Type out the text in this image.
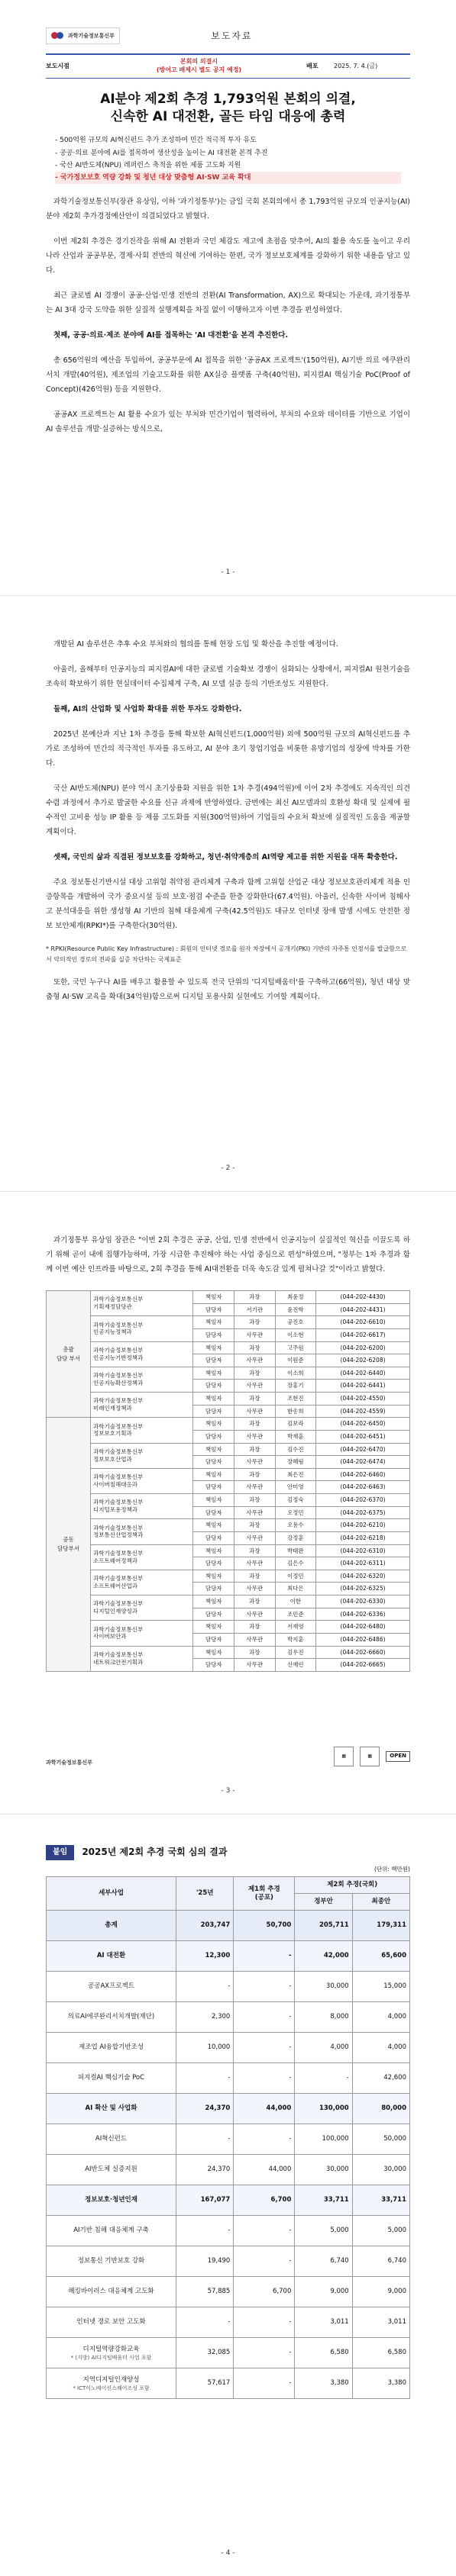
과학기술정보통신부	보도자료
보도시점
본회의 의결시
(방어고 배제시 별도 공지 예정)
배포	2025. 7. 4.(금)
AI분야 제2회 추경 1,793억원 본회의 의결,
신속한 AI 대전환, 골든 타임 대응에 총력
- 500억원 규모의 AI혁신펀드 추가 조성하여 민간 적극적 투자 유도
- 공공·의료 분야에 AI를 접목하여 생산성을 높이는 AI 대전환 본격 추진
- 국산 AI반도체(NPU) 레퍼런스 축적을 위한 제품 고도화 지원
- 국가정보보호 역량 강화 및 청년 대상 맞춤형 AI·SW 교육 확대

과학기술정보통신부(장관 유상임, 이하 '과기정통부')는 금일 국회 본회의에서 총 1,793억원 규모의 인공지능(AI) 분야 제2회 추가경정예산안이 의결되었다고 밝혔다.

이번 제2회 추경은 경기진작을 위해 AI 전환과 국민 체감도 제고에 초점을 맞추어, AI의 활용 속도를 높이고 우리나라 산업과 공공부문, 경제·사회 전반의 혁신에 기여하는 한편, 국가 정보보호체계를 강화하기 위한 내용을 담고 있다.

최근 글로벌 AI 경쟁이 공공·산업·민생 전반의 전환(AI Transformation, AX)으로 확대되는 가운데, 과기정통부는 AI 3대 강국 도약을 위한 실질적 실행계획을 차질 없이 이행하고자 이번 추경을 편성하였다.

첫째, 공공·의료·제조 분야에 AI를 접목하는 'AI 대전환'을 본격 추진한다.

총 656억원의 예산을 투입하여, 공공부문에 AI 접목을 위한 '공공AX 프로젝트'(150억원), AI기반 의료 에쿠완리서치 개발(40억원), 제조업의 기술고도화를 위한 AX실증 플랫폼 구축(40억원), 피지컬AI 핵심기술 PoC(Proof of Concept)(426억원) 등을 지원한다.

공공AX 프로젝트는 AI 활용 수요가 있는 부처와 민간기업이 협력하여, 부처의 수요와 데이터를 기반으로 기업이 AI 솔루션을 개발·실증하는 방식으로,

- 1 -

개발된 AI 솔루션은 추후 수요 부처와의 협의를 통해 현장 도입 및 확산을 추진할 예정이다.

아울러, 올해부터 인공지능의 피지컬AI에 대한 글로벌 기술확보 경쟁이 심화되는 상황에서, 피지컬AI 원천기술을 조속히 확보하기 위한 현실데이터 수집체계 구축, AI 모델 실증 등의 기반조성도 지원한다.

둘째, AI의 산업화 및 사업화 확대를 위한 투자도 강화한다.

2025년 본예산과 지난 1차 추경을 통해 확보한 AI혁신펀드(1,000억원) 외에 500억원 규모의 AI혁신펀드를 추가로 조성하여 민간의 적극적인 투자를 유도하고, AI 분야 초기 창업기업을 비롯한 유망기업의 성장에 박차를 가한다.

국산 AI반도체(NPU) 분야 역시 초기상용화 지원을 위한 1차 추경(494억원)에 이어 2차 추경에도 지속적인 의견수렴 과정에서 추가로 발굴한 수요를 신규 과제에 반영하였다. 금번에는 최신 AI모델과의 호환성 확대 및 실제에 필수적인 고비용 성능 IP 활용 등 제품 고도화를 지원(300억원)하여 기업들의 수요처 확보에 실질적인 도움을 제공할 계획이다.

셋째, 국민의 삶과 직결된 정보보호를 강화하고, 청년·취약계층의 AI역량 제고를 위한 지원을 대폭 확충한다.

주요 정보통신기반시설 대상 고위험 취약점 관리체계 구축과 함께 고위험 산업군 대상 정보보호관리체계 적용 인증항목을 개발하여 국가 중요시설 등의 보호·점검 수준을 한층 강화한다(67.4억원). 아울러, 신속한 사이버 침해사고 분석대응을 위한 생성형 AI 기반의 침해 대응체계 구축(42.5억원)도 대규모 인터넷 장애 발생 시에도 안전한 정보 보안체계(RPKI*)를 구축한다(30억원).

* RPKI(Resource Public Key Infrastructure) : 회원의 인터넷 경로를 원자 차장에서 공개키(PKI) 기반의 자주통 인정서를 발급함으로서 악의적인 경로의 전파를 실증 차단하는 국제표준

또한, 국민 누구나 AI를 배우고 활용할 수 있도록 전국 단위의 '디지털배움터'를 구축하고(66억원), 청년 대상 맞춤형 AI·SW 교육을 확대(34억원)함으로써 디지털 포용사회 실현에도 기여할 계획이다.

- 2 -

과기정통부 유상임 장관은 "이번 2회 추경은 공공, 산업, 민생 전반에서 인공지능이 실질적인 혁신을 이끌도록 하기 위해 곧이 내에 집행가능하며, 가장 시급한 추진해야 하는 사업 중심으로 편성"하였으며, "정부는 1차 추경과 함께 이번 예산 인프라를 바탕으로, 2회 추경을 통해 AI대전환을 더욱 속도감 있게 펼쳐나갈 것"이라고 밝혔다.

총괄
담당 부서	과학기술정보통신부
기획재정담당관	책임자	과장	최윤정	(044-202-4430)
		담당자	서기관	윤진학	(044-202-4431)
	과학기술정보통신부
인공지능정책과	책임자	과장	공진호	(044-202-6610)
		담당자	사무관	이소현	(044-202-6617)
	과학기술정보통신부
인공지능기반정책과	책임자	과장	고주원	(044-202-6200)
		담당자	사무관	이원준	(044-202-6208)
	과학기술정보통신부
인공지능확산정책과	책임자	과장	이소희	(044-202-6440)
		담당자	사무관	장홍기	(044-202-6441)
	과학기술정보통신부
미래인재정책과	책임자	과장	조현진	(044-202-4550)
		담당자	사무관	한송희	(044-202-4559)
공동
담당부서	과학기술정보통신부
정보보호기획과	책임자	과장	김보라	(044-202-6450)
		담당자	사무관	박재훈	(044-202-6451)
	과학기술정보통신부
정보보호산업과	책임자	과장	김수진	(044-202-6470)
		담당자	사무관	장혜림	(044-202-6474)
	과학기술정보통신부
사이버침해대응과	책임자	과장	최은진	(044-202-6460)
		담당자	사무관	안미영	(044-202-6463)
	과학기술정보통신부
디지털포용정책과	책임자	과장	김정숙	(044-202-6370)
		담당자	사무관	오정민	(044-202-6375)
	과학기술정보통신부
정보통신산업정책과	책임자	과장	오용수	(044-202-6210)
		담당자	사무관	강정훈	(044-202-6218)
	과학기술정보통신부
소프트웨어정책과	책임자	과장	박태완	(044-202-6310)
		담당자	사무관	김은수	(044-202-6311)
	과학기술정보통신부
소프트웨어산업과	책임자	과장	이정민	(044-202-6320)
		담당자	사무관	최다은	(044-202-6325)
	과학기술정보통신부
디지털인재양성과	책임자	과장	이한	(044-202-6330)
		담당자	사무관	조민준	(044-202-6336)
	과학기술정보통신부
사이버보안과	책임자	과장	서재영	(044-202-6480)
		담당자	사무관	박지훈	(044-202-6486)
	과학기술정보통신부
네트워크안전기획과	책임자	과장	김우진	(044-202-6660)
		담당자	사무관	신예린	(044-202-6665)
과학기술정보통신부
▦	▦	OPEN
- 3 -
붙임	2025년 제2회 추경 국회 심의 결과
(단위: 백만원)
세부사업	'25년	제1회 추경
(공포)	제2회 추경(국회)	
			정부안	최종안
총계	203,747	50,700	205,711	179,311
AI 대전환	12,300	-	42,000	65,600
공공AX프로젝트	-	-	30,000	15,000
의료AI에쿠완리서치개발(재단)	2,300	-	8,000	4,000
제조업 AI융합기반조성	10,000	-	4,000	4,000
피지컬AI 핵심기술 PoC	-	-	-	42,600
AI 확산 및 사업화	24,370	44,000	130,000	80,000
AI혁신펀드	-	-	100,000	50,000
AI반도체 실증지원	24,370	44,000	30,000	30,000
정보보호·청년인재	167,077	6,700	33,711	33,711
AI기반 침해 대응체계 구축	-	-	5,000	5,000
정보통신 기반보호 강화	19,490	-	6,740	6,740
해킹바이러스 대응체계 고도화	57,885	6,700	9,000	9,000
인터넷 경로 보안 고도화	-	-	3,011	3,011
디지털역량강화교육
* (지방) AI디지털배움터 사업 포함	32,085	-	6,580	6,580
지역디지털인재양성
* ICT이노베이션스퀘어조성 포함	57,617	-	3,380	3,380
- 4 -
